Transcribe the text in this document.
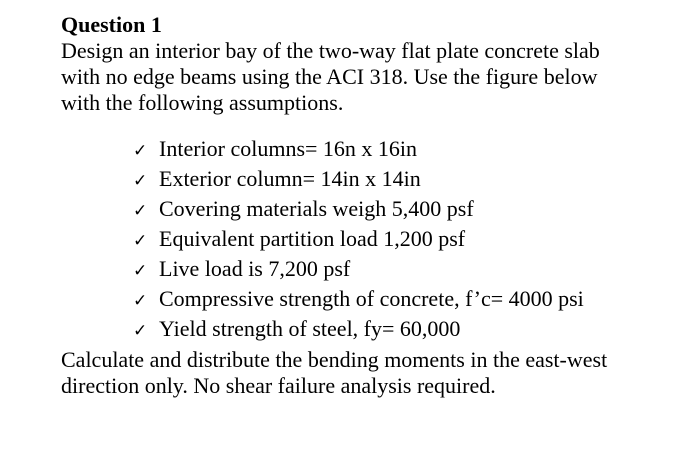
Question 1

Design an interior bay of the two-way flat plate concrete slab
with no edge beams using the ACI 318. Use the figure below
with the following assumptions.
✓ Interior columns= 16n x 16in
✓ Exterior column= 14in x 14in
✓ Covering materials weigh 5,400 psf
✓ Equivalent partition load 1,200 psf
✓ Live load is 7,200 psf
✓ Compressive strength of concrete, f’c= 4000 psi
✓ Yield strength of steel, fy= 60,000
Calculate and distribute the bending moments in the east-west
direction only. No shear failure analysis required.
